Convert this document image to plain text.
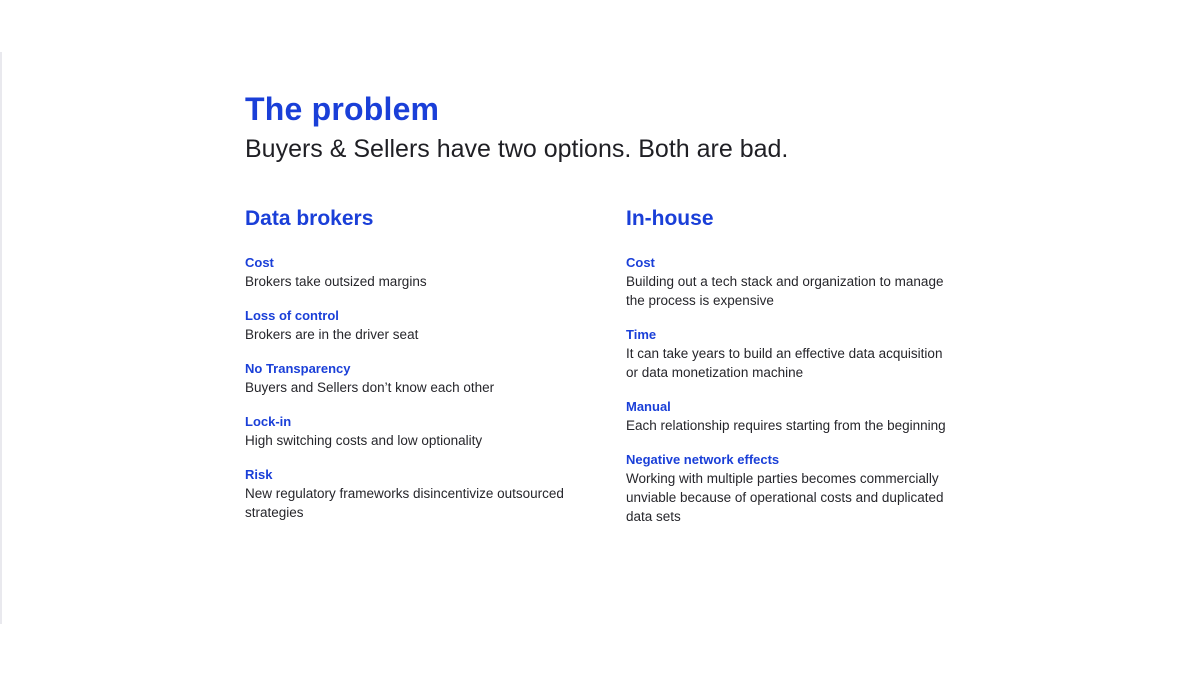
The problem

Buyers & Sellers have two options. Both are bad.

Data brokers
Cost
Brokers take outsized margins
Loss of control
Brokers are in the driver seat
No Transparency
Buyers and Sellers don’t know each other
Lock-in
High switching costs and low optionality
Risk
New regulatory frameworks disincentivize outsourced strategies
In-house
Cost
Building out a tech stack and organization to manage the process is expensive
Time
It can take years to build an effective data acquisition or data monetization machine
Manual
Each relationship requires starting from the beginning
Negative network effects
Working with multiple parties becomes commercially unviable because of operational costs and duplicated data sets
